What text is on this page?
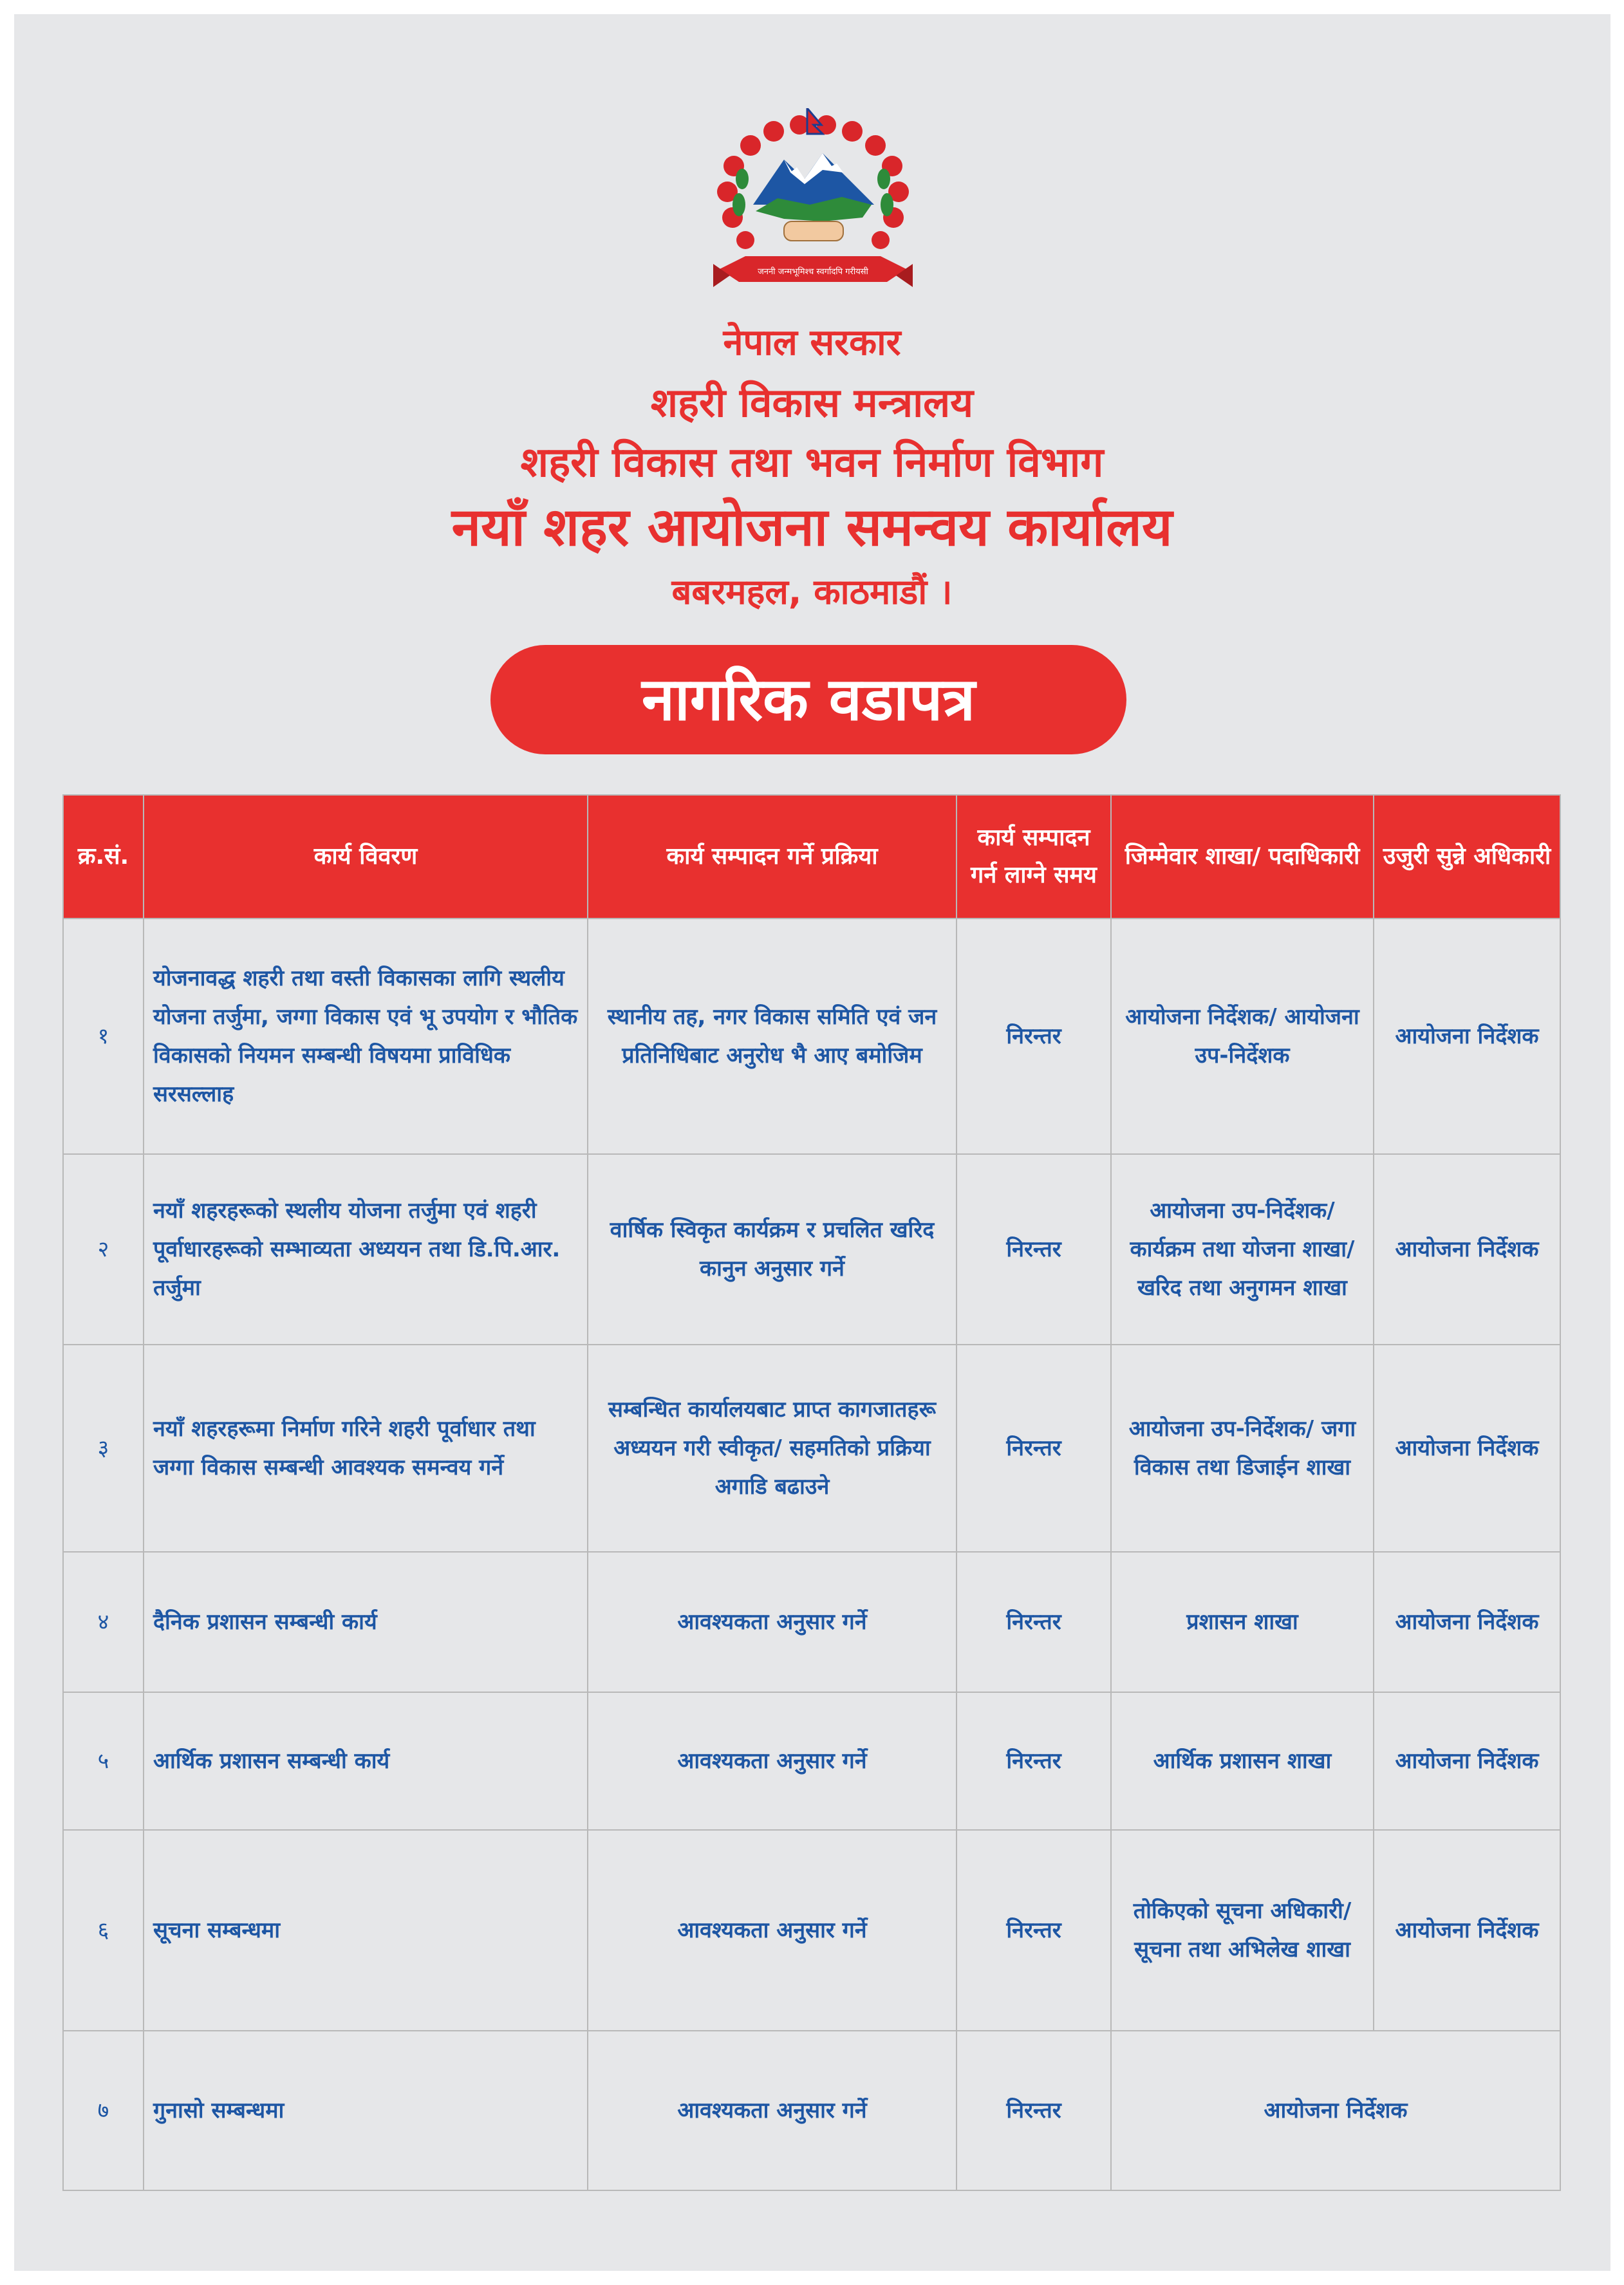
जननी जन्मभूमिश्च स्वर्गादपि गरीयसी
नेपाल सरकार
शहरी विकास मन्त्रालय
शहरी विकास तथा भवन निर्माण विभाग
नयाँ शहर आयोजना समन्वय कार्यालय
बबरमहल, काठमाडौं ।
नागरिक वडापत्र
क्र.सं.	कार्य विवरण	कार्य सम्पादन गर्ने प्रक्रिया	कार्य सम्पादन गर्न लाग्ने समय	जिम्मेवार शाखा/ पदाधिकारी	उजुरी सुन्ने अधिकारी
१	योजनावद्ध शहरी तथा वस्ती विकासका लागि स्थलीय योजना तर्जुमा, जग्गा विकास एवं भू उपयोग र भौतिक विकासको नियमन सम्बन्धी विषयमा प्राविधिक सरसल्लाह	स्थानीय तह, नगर विकास समिति एवं जन प्रतिनिधिबाट अनुरोध भै आए बमोजिम	निरन्तर	आयोजना निर्देशक/ आयोजना उप-निर्देशक	आयोजना निर्देशक
२	नयाँ शहरहरूको स्थलीय योजना तर्जुमा एवं शहरी पूर्वाधारहरूको सम्भाव्यता अध्ययन तथा डि.पि.आर. तर्जुमा	वार्षिक स्विकृत कार्यक्रम र प्रचलित खरिद कानुन अनुसार गर्ने	निरन्तर	आयोजना उप-निर्देशक/ कार्यक्रम तथा योजना शाखा/ खरिद तथा अनुगमन शाखा	आयोजना निर्देशक
३	नयाँ शहरहरूमा निर्माण गरिने शहरी पूर्वाधार तथा जग्गा विकास सम्बन्धी आवश्यक समन्वय गर्ने	सम्बन्धित कार्यालयबाट प्राप्त कागजातहरू अध्ययन गरी स्वीकृत/ सहमतिको प्रक्रिया अगाडि बढाउने	निरन्तर	आयोजना उप-निर्देशक/ जगा विकास तथा डिजाईन शाखा	आयोजना निर्देशक
४	दैनिक प्रशासन सम्बन्धी कार्य	आवश्यकता अनुसार गर्ने	निरन्तर	प्रशासन शाखा	आयोजना निर्देशक
५	आर्थिक प्रशासन सम्बन्धी कार्य	आवश्यकता अनुसार गर्ने	निरन्तर	आर्थिक प्रशासन शाखा	आयोजना निर्देशक
६	सूचना सम्बन्धमा	आवश्यकता अनुसार गर्ने	निरन्तर	तोकिएको सूचना अधिकारी/ सूचना तथा अभिलेख शाखा	आयोजना निर्देशक
७	गुनासो सम्बन्धमा	आवश्यकता अनुसार गर्ने	निरन्तर	आयोजना निर्देशक	
